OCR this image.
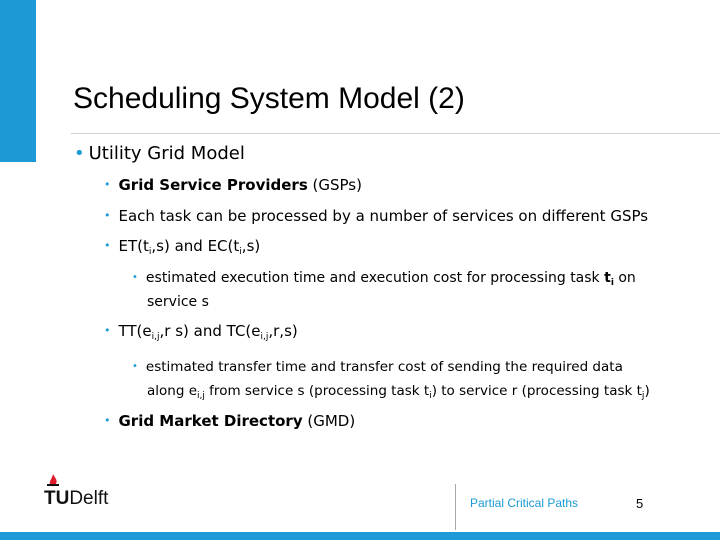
Scheduling System Model (2)
• Utility Grid Model
• Grid Service Providers (GSPs)
• Each task can be processed by a number of services on different GSPs
• $ET(t_i,s)$ and $EC(t_i,s)$
• estimated execution time and execution cost for processing task $t_i$ on
service s
• $TT(e_{i,j},r$ s) and $TC(e_{i,j},r,s)$
• estimated transfer time and transfer cost of sending the required data
along $e_{i,j}$ from service s (processing task $t_i$) to service r (processing task $t_j$)
• Grid Market Directory (GMD)
TUDelft	Partial Critical Paths	5
